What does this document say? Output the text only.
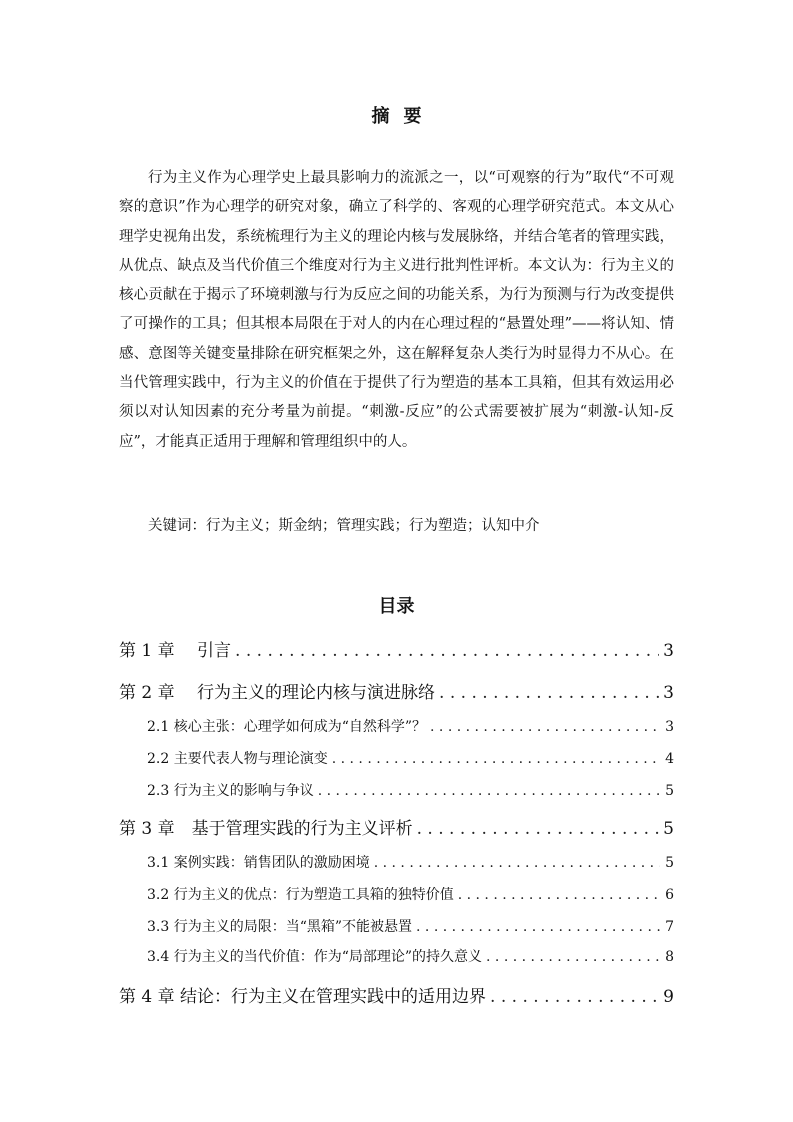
摘要

行为主义作为心理学史上最具影响力的流派之一，以“可观察的行为”取代“不可观察的意识”作为心理学的研究对象，确立了科学的、客观的心理学研究范式。本文从心理学史视角出发，系统梳理行为主义的理论内核与发展脉络，并结合笔者的管理实践，从优点、缺点及当代价值三个维度对行为主义进行批判性评析。本文认为：行为主义的核心贡献在于揭示了环境刺激与行为反应之间的功能关系，为行为预测与行为改变提供了可操作的工具；但其根本局限在于对人的内在心理过程的“悬置处理”——将认知、情感、意图等关键变量排除在研究框架之外，这在解释复杂人类行为时显得力不从心。在当代管理实践中，行为主义的价值在于提供了行为塑造的基本工具箱，但其有效运用必须以对认知因素的充分考量为前提。“刺激-反应”的公式需要被扩展为“刺激-认知-反应”，才能真正适用于理解和管理组织中的人。

关键词：行为主义；斯金纳；管理实践；行为塑造；认知中介

目录
第 1 章　 引言 . . .	3
第 2 章　 行为主义的理论内核与演进脉络 . . .	3
2.1 核心主张：心理学如何成为“自然科学”？ . . .	3
2.2 主要代表人物与理论演变 . . .	4
2.3 行为主义的影响与争议 . . .	5
第 3 章　基于管理实践的行为主义评析 . . .	5
3.1 案例实践：销售团队的激励困境 . . .	5
3.2 行为主义的优点：行为塑造工具箱的独特价值 . . .	6
3.3 行为主义的局限：当“黑箱”不能被悬置 . . .	7
3.4 行为主义的当代价值：作为“局部理论”的持久意义 . . .	8
第 4 章 结论：行为主义在管理实践中的适用边界 . . .	9
